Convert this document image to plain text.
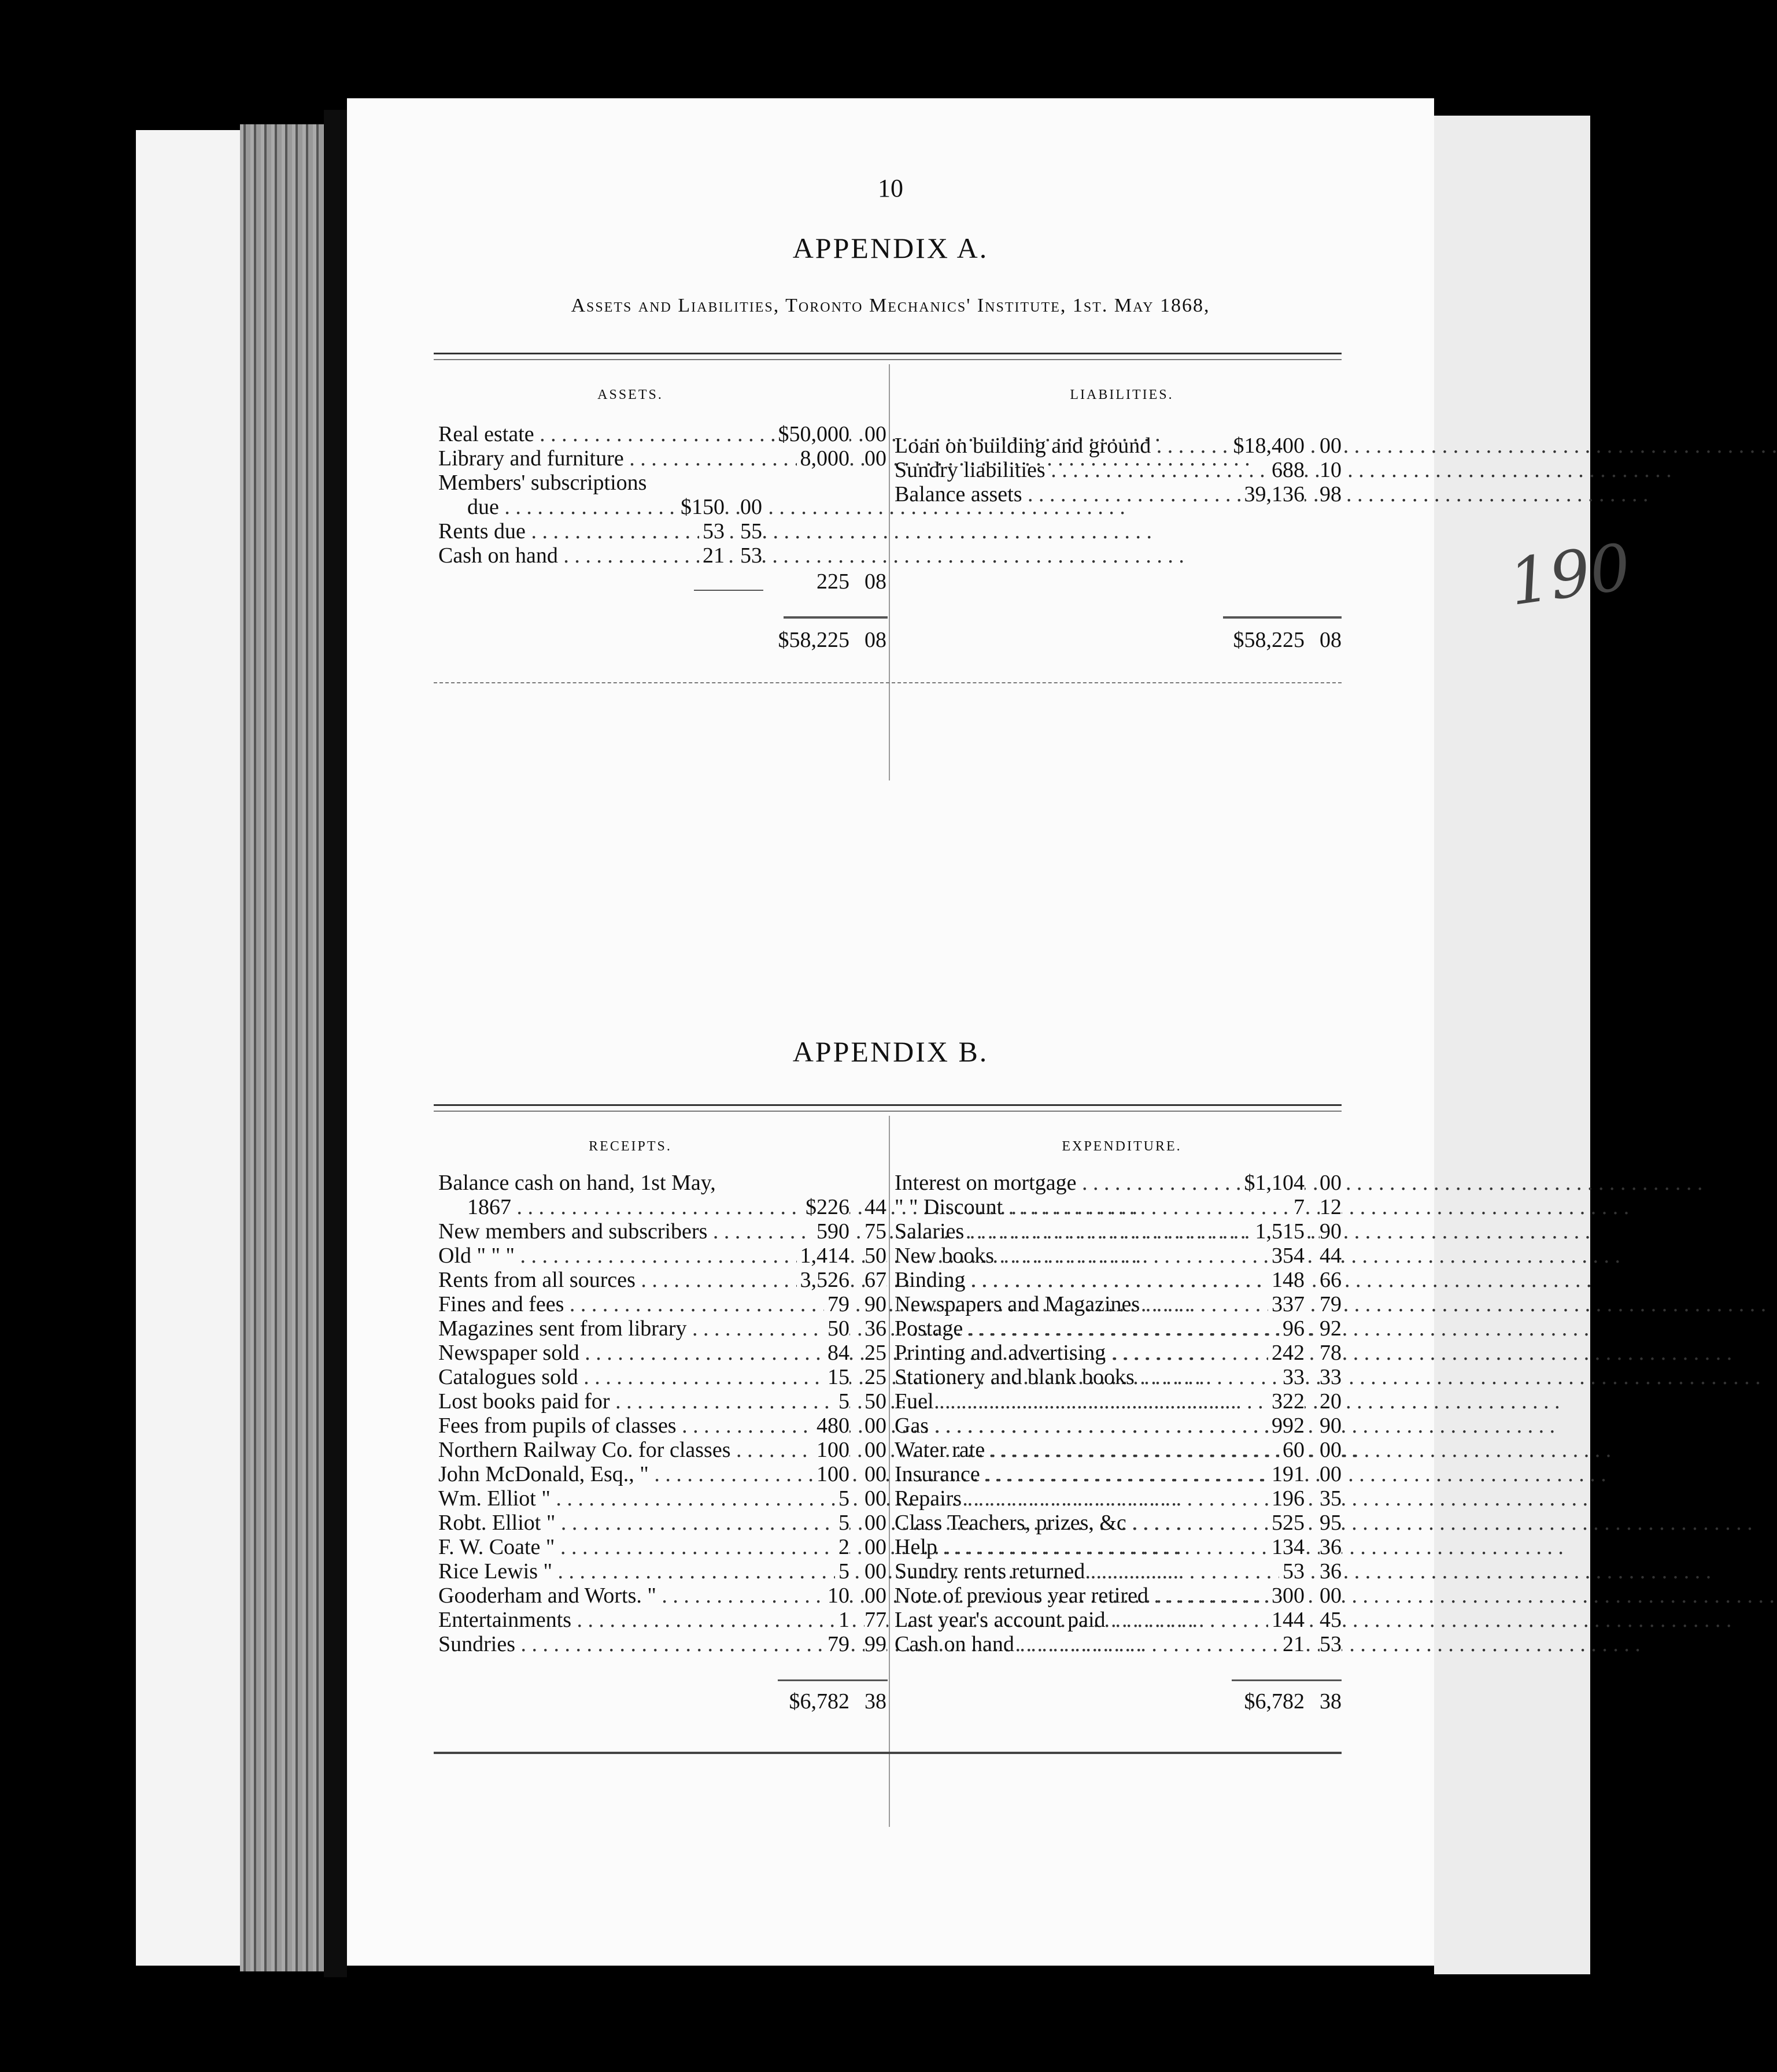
190
10
APPENDIX A.
Assets and Liabilities, Toronto Mechanics' Institute, 1st. May 1868,
ASSETS.	LIABILITIES.
Real estate . . .	$50,000 00
Library and furniture . . .	8,000 00
Members' subscriptions
due . . .	$150 00
Rents due . . .	53 55
Cash on hand . . .	21 53
225 08
$58,225 08
Loan on building and ground . . .	$18,400 00
Sundry liabilities . . .	688 10
Balance assets . . .	39,136 98
$58,225 08
APPENDIX B.
RECEIPTS.	EXPENDITURE.
Balance cash on hand, 1st May,
1867 . . .	$226 44
New members and subscribers . . .	590 75
Old " " " . . .	1,414 50
Rents from all sources . . .	3,526 67
Fines and fees . . .	79 90
Magazines sent from library . . .	50 36
Newspaper sold . . .	84 25
Catalogues sold . . .	15 25
Lost books paid for . . .	5 50
Fees from pupils of classes . . .	480 00
Northern Railway Co. for classes . . .	100 00
John McDonald, Esq., " . . .	100 00
Wm. Elliot " . . .	5 00
Robt. Elliot " . . .	5 00
F. W. Coate " . . .	2 00
Rice Lewis " . . .	5 00
Gooderham and Worts. " . . .	10 00
Entertainments . . .	1 77
Sundries . . .	79 99
Interest on mortgage . . .	$1,104 00
" " Discount . . .	7 12
Salaries . . .	1,515 90
New books . . .	354 44
Binding . . .	148 66
Newspapers and Magazines . . .	337 79
Postage . . .	96 92
Printing and advertising . . .	242 78
Stationery and blank books . . .	33 33
Fuel . . .	322 20
Gas . . .	992 90
Water rate . . .	60 00
Insurance . . .	191 00
Repairs . . .	196 35
Class Teachers, prizes, &c . . .	525 95
Help . . .	134 36
Sundry rents returned . . .	53 36
Note of previous year retired . . .	300 00
Last year's account paid . . .	144 45
Cash on hand . . .	21 53
$6,782 38	$6,782 38
